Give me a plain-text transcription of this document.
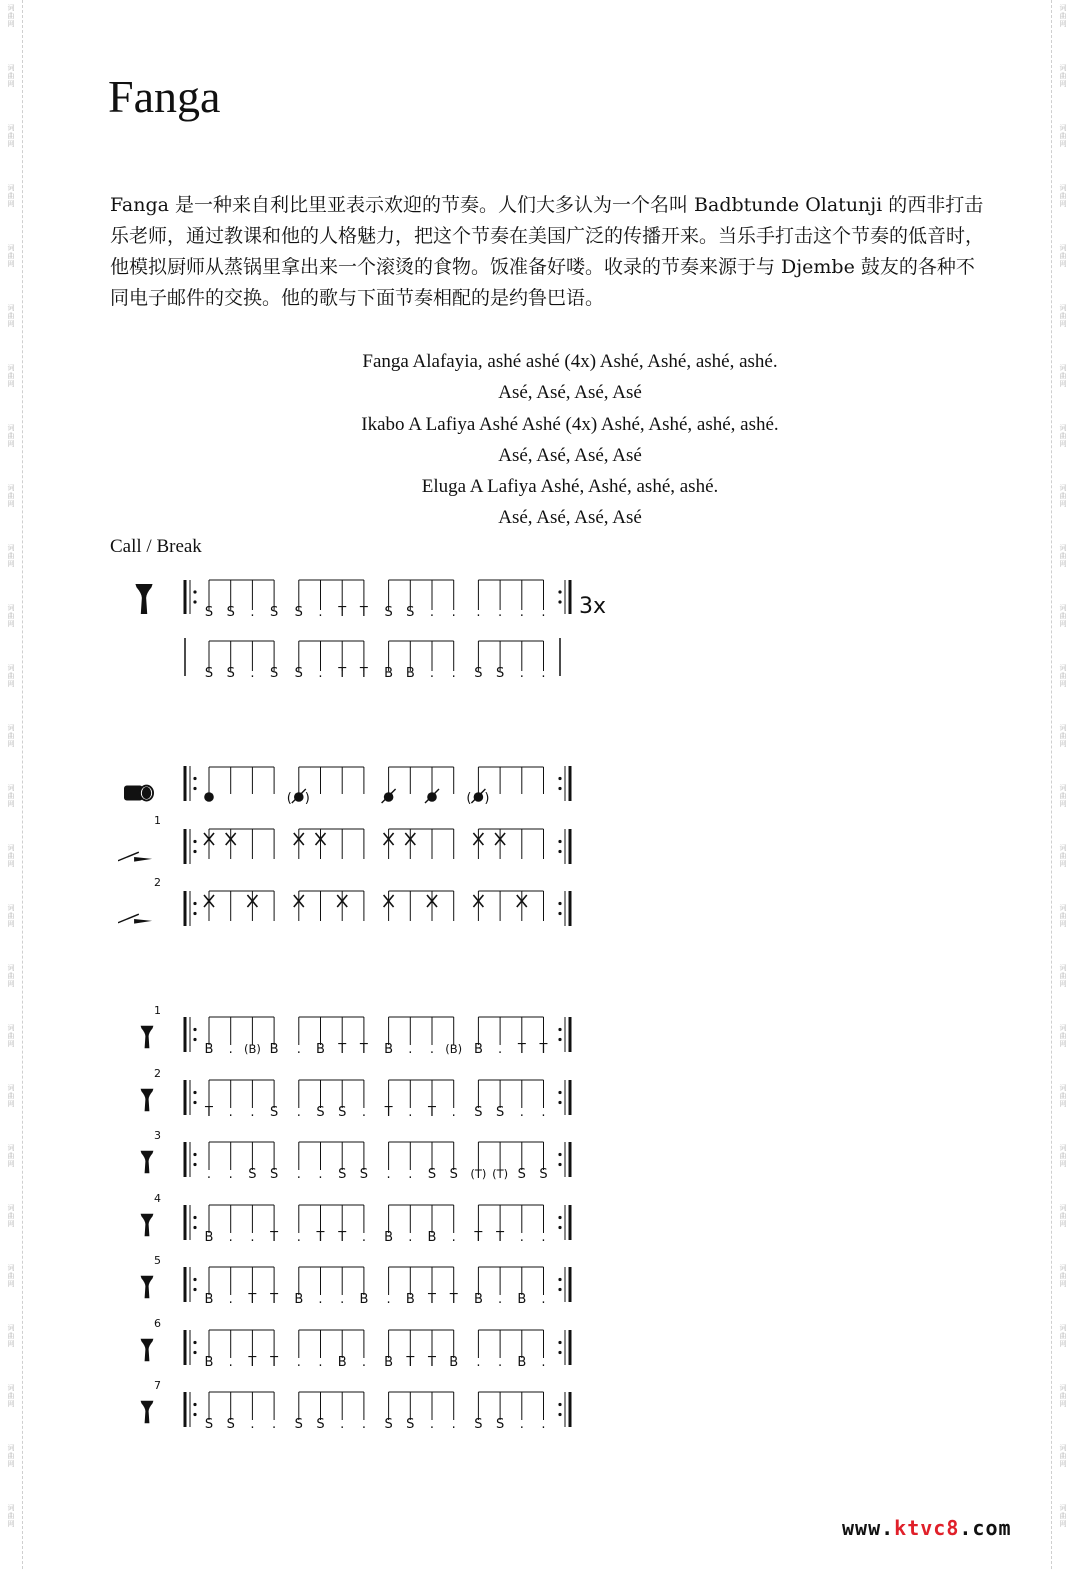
词
曲
网
词
曲
网
词
曲
网
词
曲
网
词
曲
网
词
曲
网
词
曲
网
词
曲
网
词
曲
网
词
曲
网
词
曲
网
词
曲
网
词
曲
网
词
曲
网
词
曲
网
词
曲
网
词
曲
网
词
曲
网
词
曲
网
词
曲
网
词
曲
网
词
曲
网
词
曲
网
词
曲
网
词
曲
网
词
曲
网
词
曲
网
词
曲
网
词
曲
网
词
曲
网
词
曲
网
词
曲
网
词
曲
网
词
曲
网
词
曲
网
词
曲
网
词
曲
网
词
曲
网
词
曲
网
词
曲
网
词
曲
网
词
曲
网
词
曲
网
词
曲
网
词
曲
网
词
曲
网
词
曲
网
词
曲
网
词
曲
网
词
曲
网
词
曲
网
词
曲
网
Fanga
Fanga 是一种来自利比里亚表示欢迎的节奏。人们大多认为一个名叫 Badbtunde Olatunji 的西非打击乐老师，通过教课和他的人格魅力，把这个节奏在美国广泛的传播开来。当乐手打击这个节奏的低音时，他模拟厨师从蒸锅里拿出来一个滚烫的食物。饭准备好喽。收录的节奏来源于与 Djembe 鼓友的各种不同电子邮件的交换。他的歌与下面节奏相配的是约鲁巴语。
Fanga Alafayia, ashé ashé (4x) Ashé, Ashé, ashé, ashé.
Asé, Asé, Asé, Asé
Ikabo A Lafiya Ashé Ashé (4x) Ashé, Ashé, ashé, ashé.
Asé, Asé, Asé, Asé
Eluga A Lafiya Ashé, Ashé, ashé, ashé.
Asé, Asé, Asé, Asé
Call / Break
S S . S S . T T S S . . . . . . 3x
S S . S S . T T B B . . S S . .
( )	( )
1
2
1
B . (B) B . B T T B . . (B) B . T T
2
T . . S . S S . T . T . S S . .
3
. . S S . . S S . . S S (T) (T) S S
4
B . . T . T T . B . B . T T . .
5
B . T T B . . B . B T T B . B .
6
B . T T . . B . B T T B . . B .
7
S S . . S S . . S S . . S S . .
www.ktvc8.com
